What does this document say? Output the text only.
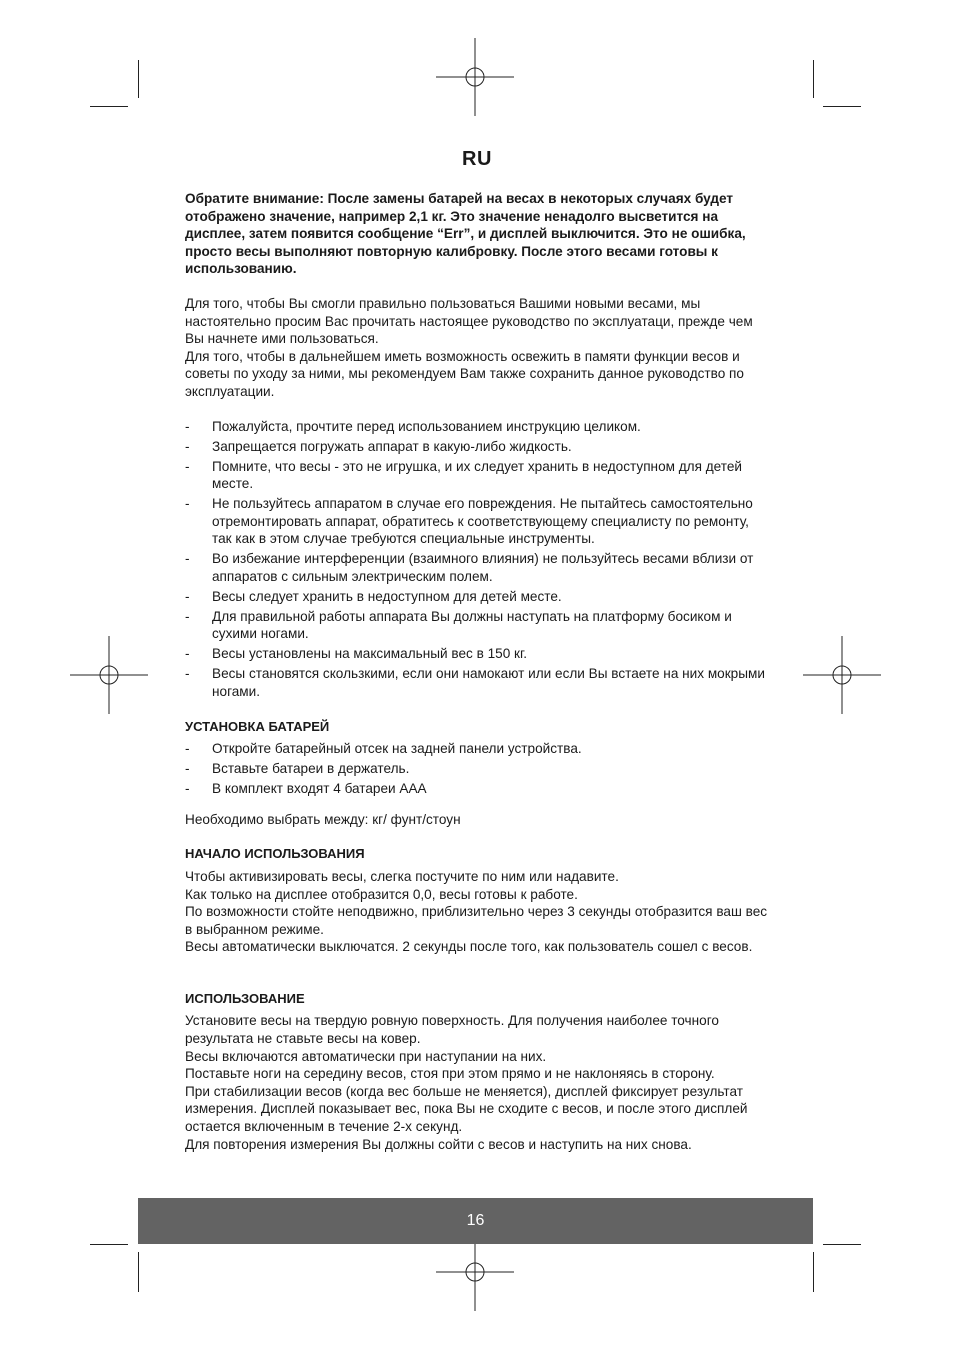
RU

Обратите внимание: После замены батарей на весах в некоторых случаях будет отображено значение, например 2,1 кг. Это значение ненадолго высветится на дисплее, затем появится сообщение “Err”, и дисплей выключится. Это не ошибка, просто весы выполняют повторную калибровку. После этого весами готовы к использованию.

Для того, чтобы Вы смогли правильно пользоваться Вашими новыми весами, мы настоятельно просим Вас прочитать настоящее руководство по эксплуатаци, прежде чем Вы начнете ими пользоваться.

Для того, чтобы в дальнейшем иметь возможность освежить в памяти функции весов и советы по уходу за ними, мы рекомендуем Вам также сохранить данное руководство по эксплуатации.

- Пожалуйста, прочтите перед использованием инструкцию целиком.
- Запрещается погружать аппарат в какую-либо жидкость.
- Помните, что весы - это не игрушка, и их следует хранить в недоступном для детей месте.
- Не пользуйтесь аппаратом в случае его повреждения. Не пытайтесь самостоятельно отремонтировать аппарат, обратитесь к соответствующему специалисту по ремонту, так как в этом случае требуются специальные инструменты.
- Во избежание интерференции (взаимного влияния) не пользуйтесь весами вблизи от аппаратов с сильным электрическим полем.
- Весы следует хранить в недоступном для детей месте.
- Для правильной работы аппарата Вы должны наступать на платформу босиком и сухими ногами.
- Весы установлены на максимальный вес в 150 кг.
- Весы становятся скользкими, если они намокают или если Вы встаете на них мокрыми ногами.

УСТАНОВКА БАТАРЕЙ

- Откройте батарейный отсек на задней панели устройства.
- Вставьте батареи в держатель.
- В комплект входят 4 батареи AAA

Необходимо выбрать между: кг/ фунт/стоун

НАЧАЛО ИСПОЛЬЗОВАНИЯ

Чтобы активизировать весы, слегка постучите по ним или надавите.

Как только на дисплее отобразится 0,0, весы готовы к работе.

По возможности стойте неподвижно, приблизительно через 3 секунды отобразится ваш вес в выбранном режиме.

Весы автоматически выключатся. 2 секунды после того, как пользователь сошел с весов.

ИСПОЛЬЗОВАНИЕ

Установите весы на твердую ровную поверхность. Для получения наиболее точного результата не ставьте весы на ковер.

Весы включаются автоматически при наступании на них.

Поставьте ноги на середину весов, стоя при этом прямо и не наклоняясь в сторону.

При стабилизации весов (когда вес больше не меняется), дисплей фиксирует результат измерения. Дисплей показывает вес, пока Вы не сходите с весов, и после этого дисплей остается включенным в течение 2-х секунд.

Для повторения измерения Вы должны сойти с весов и наступить на них снова.

16
